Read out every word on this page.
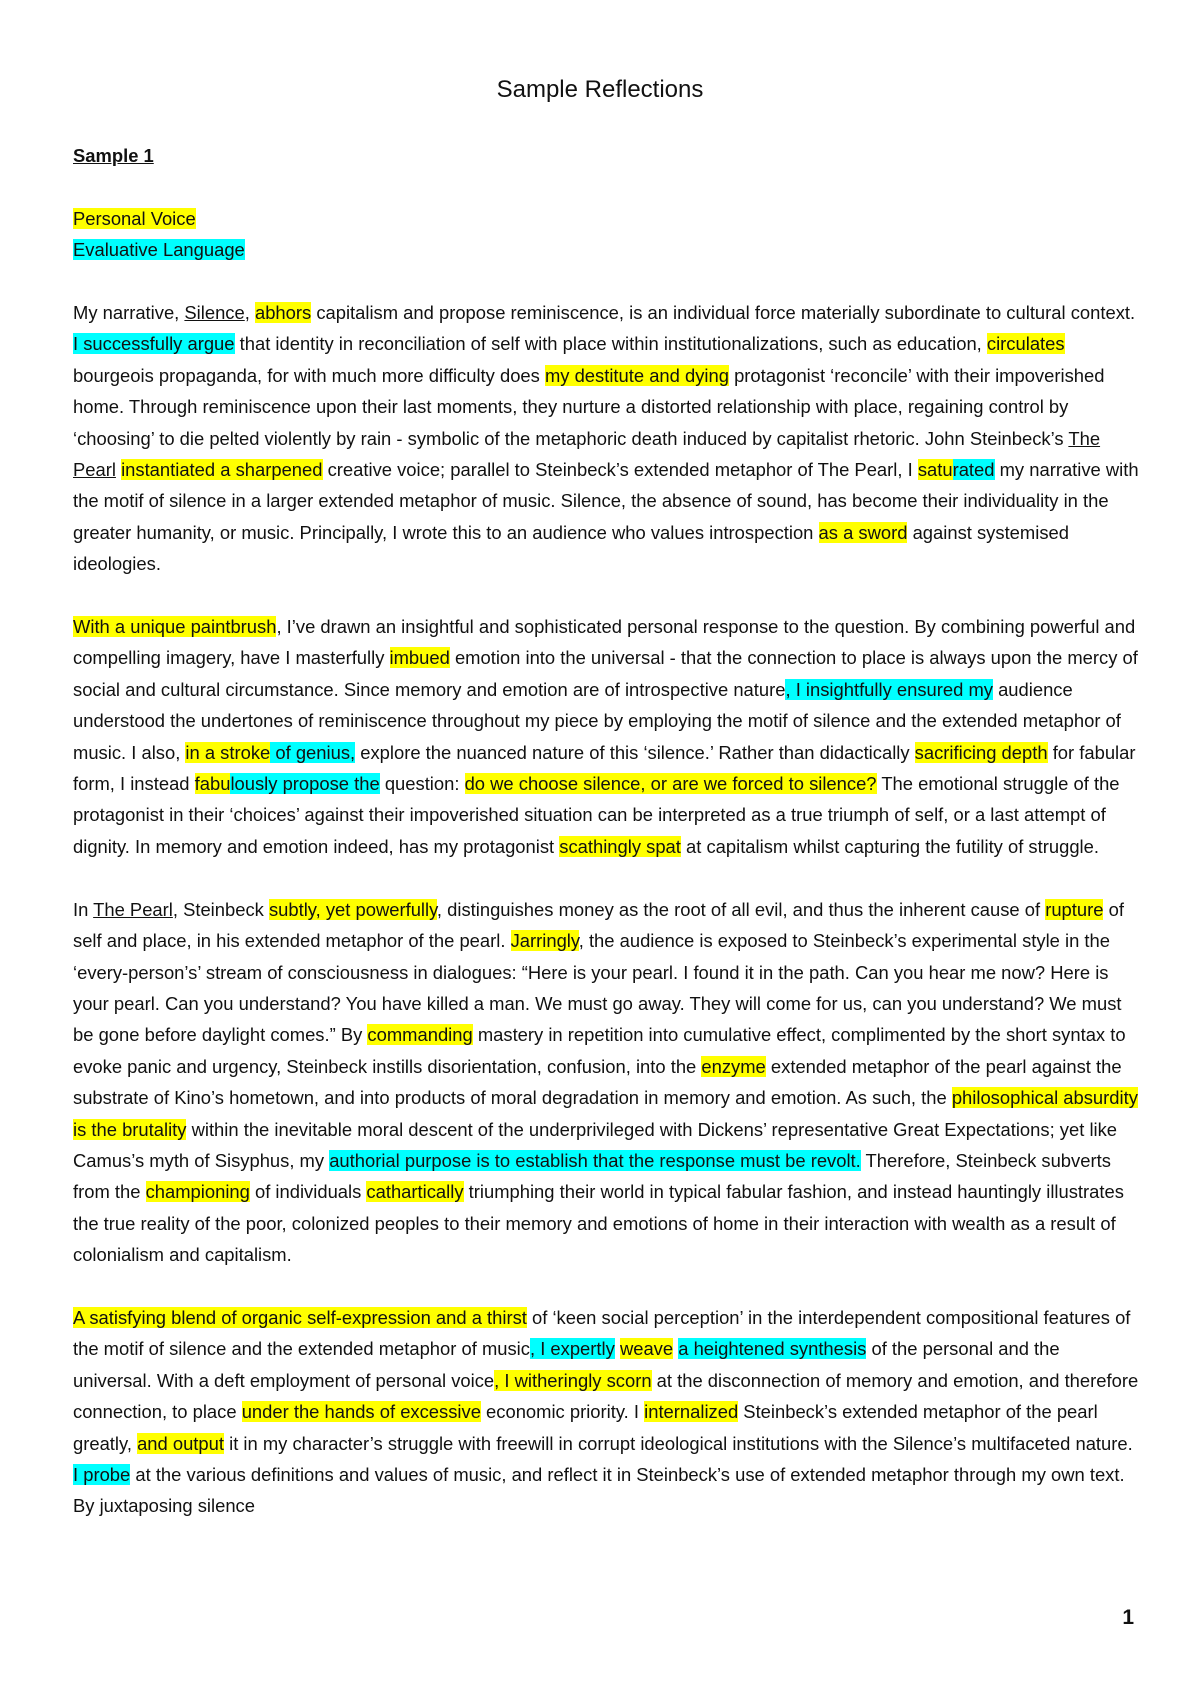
Sample Reflections
Sample 1
Personal Voice
Evaluative Language

My narrative, Silence, abhors capitalism and propose reminiscence, is an individual force materially subordinate to cultural context. I successfully argue that identity in reconciliation of self with place within institutionalizations, such as education, circulates bourgeois propaganda, for with much more difficulty does my destitute and dying protagonist ‘reconcile’ with their impoverished home. Through reminiscence upon their last moments, they nurture a distorted relationship with place, regaining control by ‘choosing’ to die pelted violently by rain - symbolic of the metaphoric death induced by capitalist rhetoric. John Steinbeck’s The Pearl instantiated a sharpened creative voice; parallel to Steinbeck’s extended metaphor of The Pearl, I saturated my narrative with the motif of silence in a larger extended metaphor of music. Silence, the absence of sound, has become their individuality in the greater humanity, or music. Principally, I wrote this to an audience who values introspection as a sword against systemised ideologies.

With a unique paintbrush, I’ve drawn an insightful and sophisticated personal response to the question. By combining powerful and compelling imagery, have I masterfully imbued emotion into the universal - that the connection to place is always upon the mercy of social and cultural circumstance. Since memory and emotion are of introspective nature, I insightfully ensured my audience understood the undertones of reminiscence throughout my piece by employing the motif of silence and the extended metaphor of music. I also, in a stroke of genius, explore the nuanced nature of this ‘silence.’ Rather than didactically sacrificing depth for fabular form, I instead fabulously propose the question: do we choose silence, or are we forced to silence? The emotional struggle of the protagonist in their ‘choices’ against their impoverished situation can be interpreted as a true triumph of self, or a last attempt of dignity. In memory and emotion indeed, has my protagonist scathingly spat at capitalism whilst capturing the futility of struggle.

In The Pearl, Steinbeck subtly, yet powerfully, distinguishes money as the root of all evil, and thus the inherent cause of rupture of self and place, in his extended metaphor of the pearl. Jarringly, the audience is exposed to Steinbeck’s experimental style in the ‘every-person’s’ stream of consciousness in dialogues: “Here is your pearl. I found it in the path. Can you hear me now? Here is your pearl. Can you understand? You have killed a man. We must go away. They will come for us, can you understand? We must be gone before daylight comes.” By commanding mastery in repetition into cumulative effect, complimented by the short syntax to evoke panic and urgency, Steinbeck instills disorientation, confusion, into the enzyme extended metaphor of the pearl against the substrate of Kino’s hometown, and into products of moral degradation in memory and emotion. As such, the philosophical absurdity is the brutality within the inevitable moral descent of the underprivileged with Dickens’ representative Great Expectations; yet like Camus’s myth of Sisyphus, my authorial purpose is to establish that the response must be revolt. Therefore, Steinbeck subverts from the championing of individuals cathartically triumphing their world in typical fabular fashion, and instead hauntingly illustrates the true reality of the poor, colonized peoples to their memory and emotions of home in their interaction with wealth as a result of colonialism and capitalism.

A satisfying blend of organic self-expression and a thirst of ‘keen social perception’ in the interdependent compositional features of the motif of silence and the extended metaphor of music, I expertly weave a heightened synthesis of the personal and the universal. With a deft employment of personal voice, I witheringly scorn at the disconnection of memory and emotion, and therefore connection, to place under the hands of excessive economic priority. I internalized Steinbeck’s extended metaphor of the pearl greatly, and output it in my character’s struggle with freewill in corrupt ideological institutions with the Silence’s multifaceted nature. I probe at the various definitions and values of music, and reflect it in Steinbeck’s use of extended metaphor through my own text. By juxtaposing silence

1
